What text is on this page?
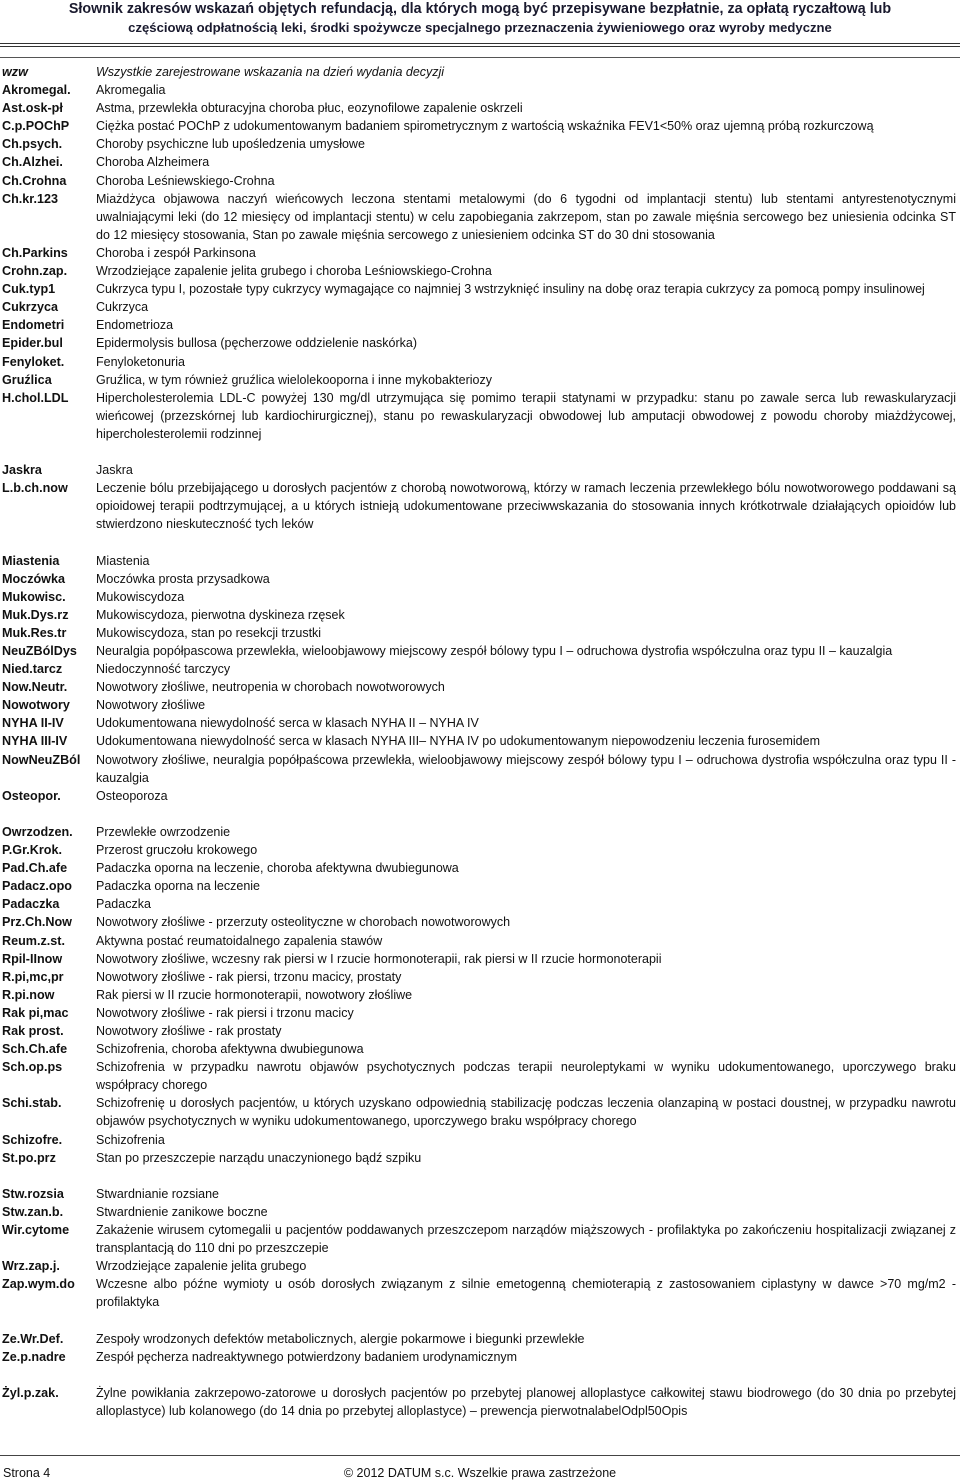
Słownik zakresów wskazań objętych refundacją, dla których mogą być przepisywane bezpłatnie, za opłatą ryczałtową lub
częściową odpłatnością leki, środki spożywcze specjalnego przeznaczenia żywieniowego oraz wyroby medyczne
wzw	Wszystkie zarejestrowane wskazania na dzień wydania decyzji
Akromegal.	Akromegalia
Ast.osk-pł	Astma, przewlekła obturacyjna choroba płuc, eozynofilowe zapalenie oskrzeli
C.p.POChP	Ciężka postać POChP z udokumentowanym badaniem spirometrycznym z wartością wskaźnika FEV1<50% oraz ujemną próbą rozkurczową
Ch.psych.	Choroby psychiczne lub upośledzenia umysłowe
Ch.Alzhei.	Choroba Alzheimera
Ch.Crohna	Choroba Leśniewskiego-Crohna
Ch.kr.123	Miażdżyca objawowa naczyń wieńcowych leczona stentami metalowymi (do 6 tygodni od implantacji stentu) lub stentami antyrestenotycznymi uwalniającymi leki (do 12 miesięcy od implantacji stentu) w celu zapobiegania zakrzepom, stan po zawale mięśnia sercowego bez uniesienia odcinka ST do 12 miesięcy stosowania, Stan po zawale mięśnia sercowego z uniesieniem odcinka ST do 30 dni stosowania
Ch.Parkins	Choroba i zespół Parkinsona
Crohn.zap.	Wrzodziejące zapalenie jelita grubego i choroba Leśniowskiego-Crohna
Cuk.typ1	Cukrzyca typu I, pozostałe typy cukrzycy wymagające co najmniej 3 wstrzyknięć insuliny na dobę oraz terapia cukrzycy za pomocą pompy insulinowej
Cukrzyca	Cukrzyca
Endometri	Endometrioza
Epider.bul	Epidermolysis bullosa (pęcherzowe oddzielenie naskórka)
Fenyloket.	Fenyloketonuria
Gruźlica	Gruźlica, w tym również gruźlica wielolekooporna i inne mykobakteriozy
H.chol.LDL	Hipercholesterolemia LDL-C powyżej 130 mg/dl utrzymująca się pomimo terapii statynami w przypadku: stanu po zawale serca lub rewaskularyzacji wieńcowej (przezskórnej lub kardiochirurgicznej), stanu po rewaskularyzacji obwodowej lub amputacji obwodowej z powodu choroby miażdżycowej, hipercholesterolemii rodzinnej
Jaskra	Jaskra
L.b.ch.now	Leczenie bólu przebijającego u dorosłych pacjentów z chorobą nowotworową, którzy w ramach leczenia przewlekłego bólu nowotworowego poddawani są opioidowej terapii podtrzymującej, a u których istnieją udokumentowane przeciwwskazania do stosowania innych krótkotrwale działających opioidów lub stwierdzono nieskuteczność tych leków
Miastenia	Miastenia
Moczówka	Moczówka prosta przysadkowa
Mukowisc.	Mukowiscydoza
Muk.Dys.rz	Mukowiscydoza, pierwotna dyskineza rzęsek
Muk.Res.tr	Mukowiscydoza, stan po resekcji trzustki
NeuZBólDys	Neuralgia popółpascowa przewlekła, wieloobjawowy miejscowy zespół bólowy typu I – odruchowa dystrofia współczulna oraz typu II – kauzalgia
Nied.tarcz	Niedoczynność tarczycy
Now.Neutr.	Nowotwory złośliwe, neutropenia w chorobach nowotworowych
Nowotwory	Nowotwory złośliwe
NYHA II-IV	Udokumentowana niewydolność serca w klasach NYHA II – NYHA IV
NYHA III-IV	Udokumentowana niewydolność serca w klasach NYHA III– NYHA IV po udokumentowanym niepowodzeniu leczenia furosemidem
NowNeuZBól	Nowotwory złośliwe, neuralgia popółpaścowa przewlekła, wieloobjawowy miejscowy zespół bólowy typu I – odruchowa dystrofia współczulna oraz typu II - kauzalgia
Osteopor.	Osteoporoza
Owrzodzen.	Przewlekłe owrzodzenie
P.Gr.Krok.	Przerost gruczołu krokowego
Pad.Ch.afe	Padaczka oporna na leczenie, choroba afektywna dwubiegunowa
Padacz.opo	Padaczka oporna na leczenie
Padaczka	Padaczka
Prz.Ch.Now	Nowotwory złośliwe - przerzuty osteolityczne w chorobach nowotworowych
Reum.z.st.	Aktywna postać reumatoidalnego zapalenia stawów
Rpil-IInow	Nowotwory złośliwe, wczesny rak piersi w I rzucie hormonoterapii, rak piersi w II rzucie hormonoterapii
R.pi,mc,pr	Nowotwory złośliwe - rak piersi, trzonu macicy, prostaty
R.pi.now	Rak piersi w II rzucie hormonoterapii, nowotwory złośliwe
Rak pi,mac	Nowotwory złośliwe - rak piersi i trzonu macicy
Rak prost.	Nowotwory złośliwe - rak prostaty
Sch.Ch.afe	Schizofrenia, choroba afektywna dwubiegunowa
Sch.op.ps	Schizofrenia w przypadku nawrotu objawów psychotycznych podczas terapii neuroleptykami w wyniku udokumentowanego, uporczywego braku współpracy chorego
Schi.stab.	Schizofrenię u dorosłych pacjentów, u których uzyskano odpowiednią stabilizację podczas leczenia olanzapiną w postaci doustnej, w przypadku nawrotu objawów psychotycznych w wyniku udokumentowanego, uporczywego braku współpracy chorego
Schizofre.	Schizofrenia
St.po.prz	Stan po przeszczepie narządu unaczynionego bądź szpiku
Stw.rozsia	Stwardnianie rozsiane
Stw.zan.b.	Stwardnienie zanikowe boczne
Wir.cytome	Zakażenie wirusem cytomegalii u pacjentów poddawanych przeszczepom narządów miąższowych - profilaktyka po zakończeniu hospitalizacji związanej z transplantacją do 110 dni po przeszczepie
Wrz.zap.j.	Wrzodziejące zapalenie jelita grubego
Zap.wym.do	Wczesne albo późne wymioty u osób dorosłych związanym z silnie emetogenną chemioterapią z zastosowaniem ciplastyny w dawce >70 mg/m2 - profilaktyka
Ze.Wr.Def.	Zespoły wrodzonych defektów metabolicznych, alergie pokarmowe i biegunki przewlekłe
Ze.p.nadre	Zespół pęcherza nadreaktywnego potwierdzony badaniem urodynamicznym
Żyl.p.zak.	Żylne powikłania zakrzepowo-zatorowe u dorosłych pacjentów po przebytej planowej alloplastyce całkowitej stawu biodrowego (do 30 dnia po przebytej alloplastyce) lub kolanowego (do 14 dnia po przebytej alloplastyce) – prewencja pierwotnalabelOdpl50Opis
Strona 4	© 2012 DATUM s.c. Wszelkie prawa zastrzeżone
